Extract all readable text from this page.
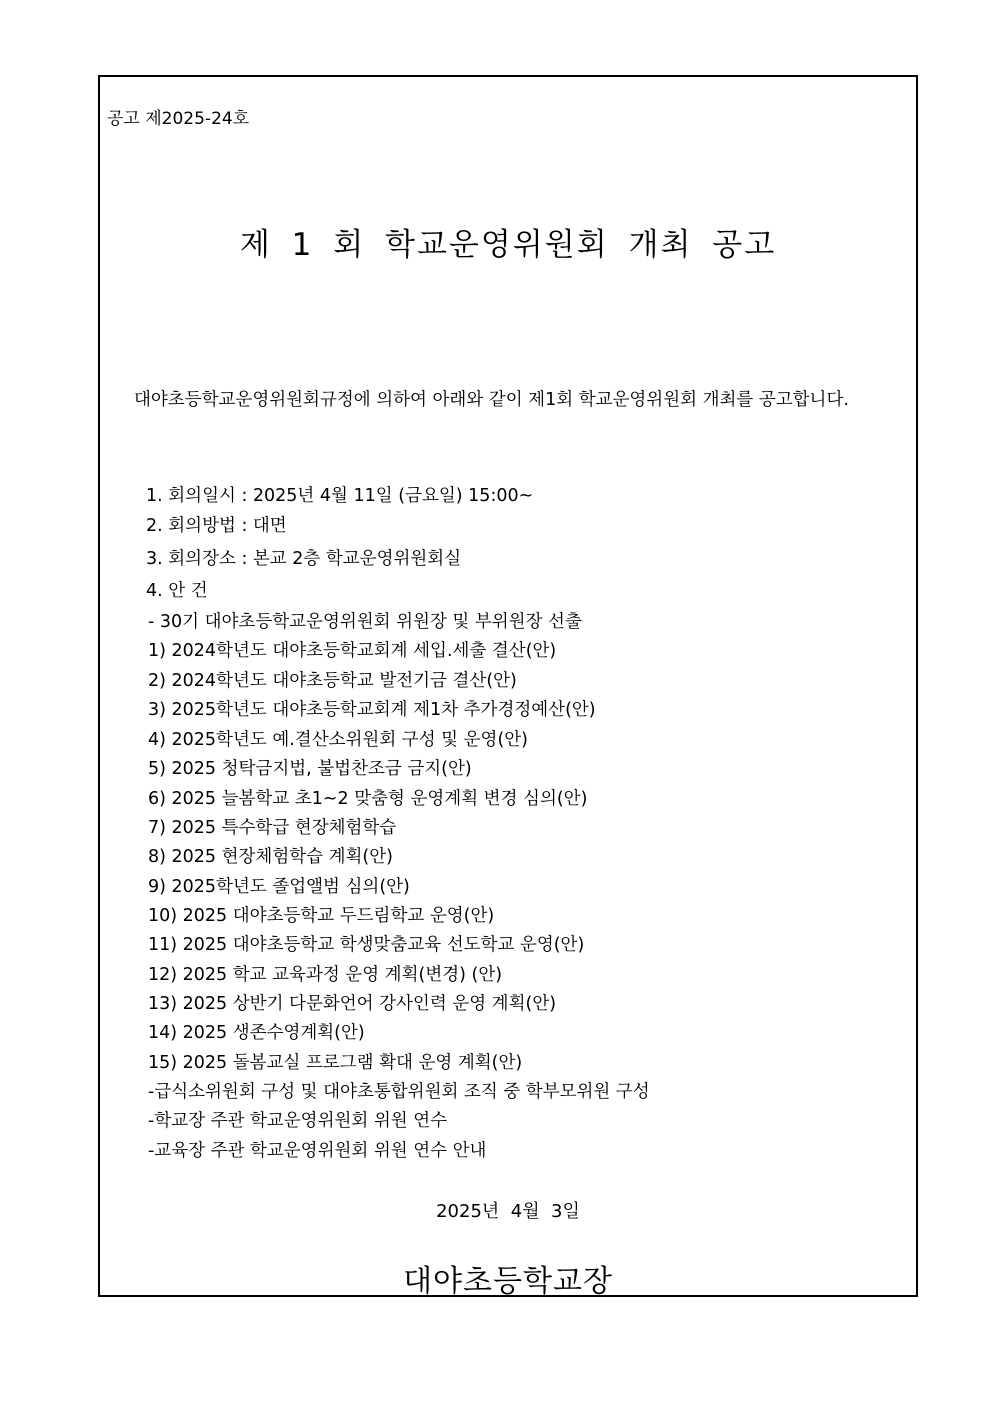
공고 제2025-24호
제 1 회 학교운영위원회 개최 공고
대야초등학교운영위원회규정에 의하여 아래와 같이 제1회 학교운영위원회 개최를 공고합니다.
1. 회의일시 : 2025년 4월 11일 (금요일) 15:00~
2. 회의방법 : 대면
3. 회의장소 : 본교 2층 학교운영위원회실
4. 안 건
- 30기 대야초등학교운영위원회 위원장 및 부위원장 선출
1) 2024학년도 대야초등학교회계 세입.세출 결산(안)
2) 2024학년도 대야초등학교 발전기금 결산(안)
3) 2025학년도 대야초등학교회계 제1차 추가경정예산(안)
4) 2025학년도 예.결산소위원회 구성 및 운영(안)
5) 2025 청탁금지법, 불법찬조금 금지(안)
6) 2025 늘봄학교 초1~2 맞춤형 운영계획 변경 심의(안)
7) 2025 특수학급 현장체험학습
8) 2025 현장체험학습 계획(안)
9) 2025학년도 졸업앨범 심의(안)
10) 2025 대야초등학교 두드림학교 운영(안)
11) 2025 대야초등학교 학생맞춤교육 선도학교 운영(안)
12) 2025 학교 교육과정 운영 계획(변경) (안)
13) 2025 상반기 다문화언어 강사인력 운영 계획(안)
14) 2025 생존수영계획(안)
15) 2025 돌봄교실 프로그램 확대 운영 계획(안)
-급식소위원회 구성 및 대야초통합위원회 조직 중 학부모위원 구성
-학교장 주관 학교운영위원회 위원 연수
-교육장 주관 학교운영위원회 위원 연수 안내
2025년  4월  3일
대야초등학교장
